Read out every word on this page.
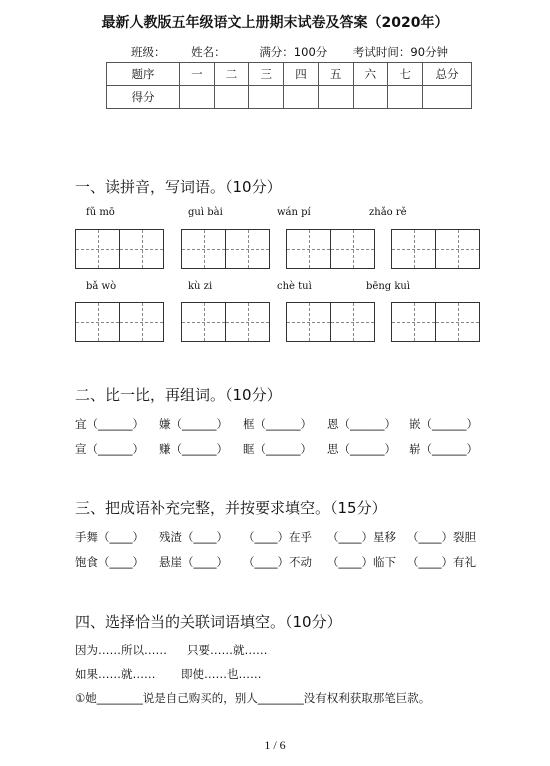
最新人教版五年级语文上册期末试卷及答案（2020年）
班级： 姓名：	满分：100分 考试时间：90分钟
题序	一	二	三	四	五	六	七	总分
得分								
一、读拼音，写词语。（10分）
fǔ mō	guì bài	wán pí	zhǎo rě
bǎ wò	kù zi	chè tuì	bēng kuì
二、比一比，再组词。（10分）
宜（______） 嫌（______） 框（______） 恩（______） 嵌（______）
宣（______） 赚（______） 眶（______） 思（______） 崭（______）
三、把成语补充完整，并按要求填空。（15分）
手舞（____） 残渣（____） （____）在乎 （____）星移 （____）裂胆
饱食（____） 悬崖（____） （____）不动 （____）临下 （____）有礼
四、选择恰当的关联词语填空。（10分）
因为……所以…… 只要……就……
如果……就…… 即使……也……
①她________说是自己购买的，别人________没有权利获取那笔巨款。
1 / 6
